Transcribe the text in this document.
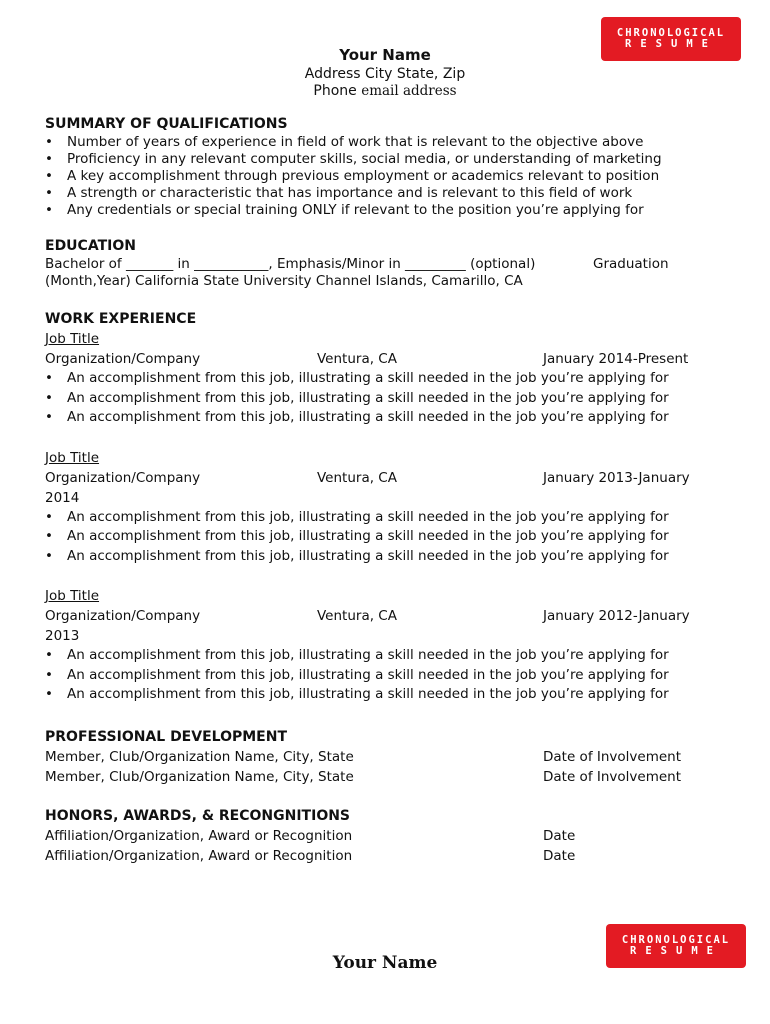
CHRONOLOGICAL
RESUME
Your Name
Address City State, Zip
Phone email address
SUMMARY OF QUALIFICATIONS
• Number of years of experience in field of work that is relevant to the objective above
• Proficiency in any relevant computer skills, social media, or understanding of marketing
• A key accomplishment through previous employment or academics relevant to position
• A strength or characteristic that has importance and is relevant to this field of work
• Any credentials or special training ONLY if relevant to the position you’re applying for
EDUCATION
Bachelor of _______ in ___________, Emphasis/Minor in _________ (optional)	Graduation
(Month,Year) California State University Channel Islands, Camarillo, CA
WORK EXPERIENCE
Job Title
Organization/Company	Ventura, CA	January 2014-Present
• An accomplishment from this job, illustrating a skill needed in the job you’re applying for
• An accomplishment from this job, illustrating a skill needed in the job you’re applying for
• An accomplishment from this job, illustrating a skill needed in the job you’re applying for
Job Title
Organization/Company	Ventura, CA	January 2013-January
2014
• An accomplishment from this job, illustrating a skill needed in the job you’re applying for
• An accomplishment from this job, illustrating a skill needed in the job you’re applying for
• An accomplishment from this job, illustrating a skill needed in the job you’re applying for
Job Title
Organization/Company	Ventura, CA	January 2012-January
2013
• An accomplishment from this job, illustrating a skill needed in the job you’re applying for
• An accomplishment from this job, illustrating a skill needed in the job you’re applying for
• An accomplishment from this job, illustrating a skill needed in the job you’re applying for
PROFESSIONAL DEVELOPMENT
Member, Club/Organization Name, City, State	Date of Involvement
Member, Club/Organization Name, City, State	Date of Involvement
HONORS, AWARDS, & RECONGNITIONS
Affiliation/Organization, Award or Recognition	Date
Affiliation/Organization, Award or Recognition	Date
CHRONOLOGICAL
RESUME
Your Name
